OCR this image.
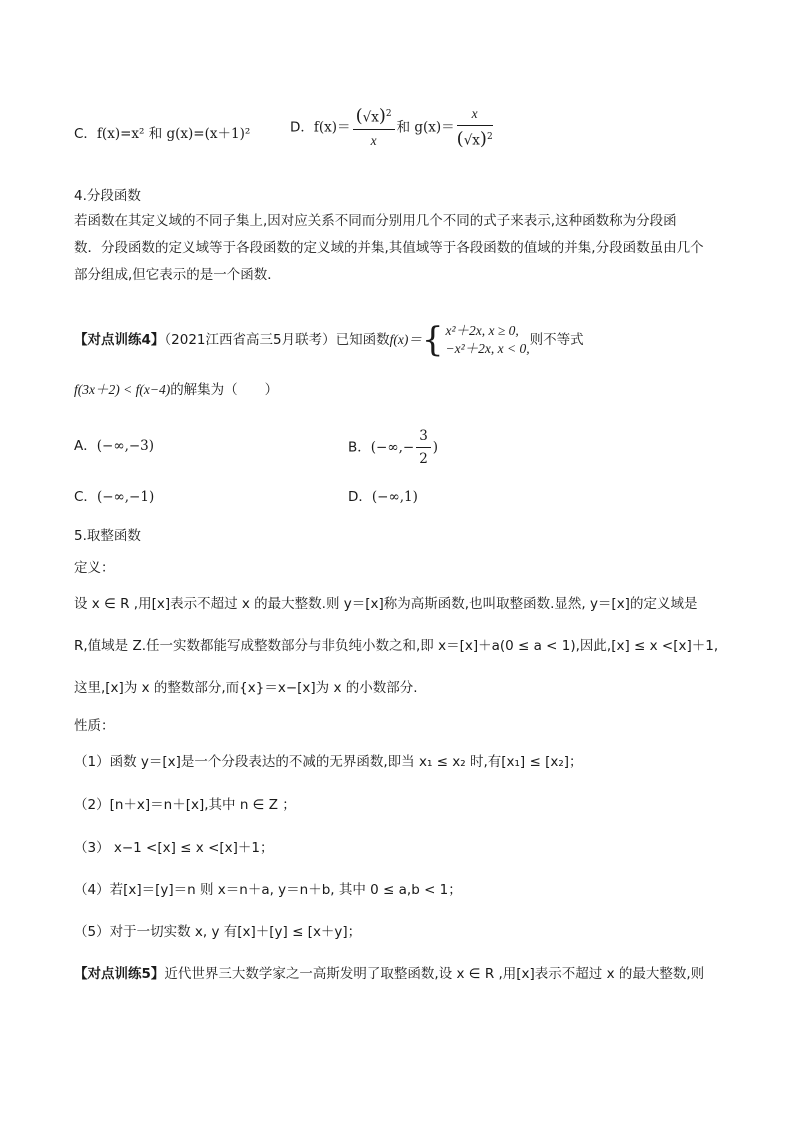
C．f(x)=x² 和 g(x)=(x＋1)²	D．$f(x)= \frac{(√x)^2}{x}$ 和 $g(x)= \frac{x}{(√x)^2}$
4.分段函数
若函数在其定义域的不同子集上,因对应关系不同而分别用几个不同的式子来表示,这种函数称为分段函
数．分段函数的定义域等于各段函数的定义域的并集,其值域等于各段函数的值域的并集,分段函数虽由几个
部分组成,但它表示的是一个函数．
【对点训练4】（2021江西省高三5月联考）已知函数f(x)＝{ x²＋2x, x ≥ 0,
−x²＋2x, x < 0,
则不等式
f(3x＋2) < f(x−4)的解集为（　　）
A．(−∞,−3)	B．(−∞,− $\frac{3}{2}$ )
C．(−∞,−1)	D．(−∞,1)
5.取整函数
定义：
设 x ∈ R ,用[x]表示不超过 x 的最大整数.则 y＝[x]称为高斯函数,也叫取整函数.显然, y＝[x]的定义域是
R,值域是 Z.任一实数都能写成整数部分与非负纯小数之和,即 x＝[x]＋a(0 ≤ a < 1),因此,[x] ≤ x <[x]＋1,
这里,[x]为 x 的整数部分,而{x}＝x−[x]为 x 的小数部分.
性质：
（1）函数 y＝[x]是一个分段表达的不减的无界函数,即当 x₁ ≤ x₂ 时,有[x₁] ≤ [x₂]；
（2）[n＋x]＝n＋[x],其中 n ∈ Z ；
（3） x−1 <[x] ≤ x <[x]＋1；
（4）若[x]＝[y]＝n 则 x＝n＋a, y＝n＋b, 其中 0 ≤ a,b < 1；
（5）对于一切实数 x, y 有[x]＋[y] ≤ [x＋y]；
【对点训练5】近代世界三大数学家之一高斯发明了取整函数,设 x ∈ R ,用[x]表示不超过 x 的最大整数,则
